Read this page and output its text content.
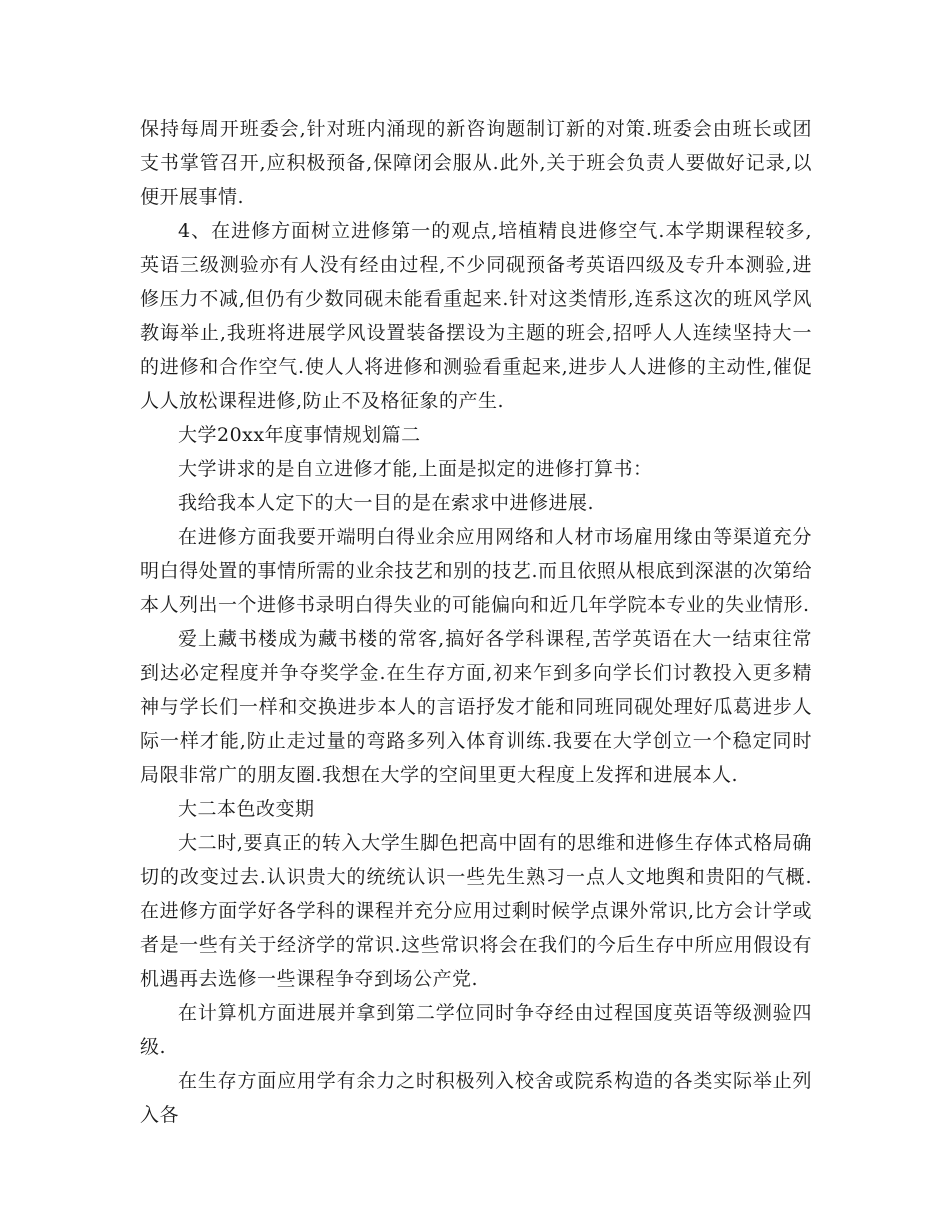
保持每周开班委会,针对班内涌现的新咨询题制订新的对策.班委会由班长或团支书掌管召开,应积极预备,保障闭会服从.此外,关于班会负责人要做好记录,以便开展事情.

4、在进修方面树立进修第一的观点,培植精良进修空气.本学期课程较多,英语三级测验亦有人没有经由过程,不少同砚预备考英语四级及专升本测验,进修压力不减,但仍有少数同砚未能看重起来.针对这类情形,连系这次的班风学风教诲举止,我班将进展学风设置装备摆设为主题的班会,招呼人人连续坚持大一的进修和合作空气.使人人将进修和测验看重起来,进步人人进修的主动性,催促人人放松课程进修,防止不及格征象的产生.

大学20xx年度事情规划篇二

大学讲求的是自立进修才能,上面是拟定的进修打算书：

我给我本人定下的大一目的是在索求中进修进展.

在进修方面我要开端明白得业余应用网络和人材市场雇用缘由等渠道充分明白得处置的事情所需的业余技艺和别的技艺.而且依照从根底到深湛的次第给本人列出一个进修书录明白得失业的可能偏向和近几年学院本专业的失业情形.

爱上藏书楼成为藏书楼的常客,搞好各学科课程,苦学英语在大一结束往常到达必定程度并争夺奖学金.在生存方面,初来乍到多向学长们讨教投入更多精神与学长们一样和交换进步本人的言语抒发才能和同班同砚处理好瓜葛进步人际一样才能,防止走过量的弯路多列入体育训练.我要在大学创立一个稳定同时局限非常广的朋友圈.我想在大学的空间里更大程度上发挥和进展本人.

大二本色改变期

大二时,要真正的转入大学生脚色把高中固有的思维和进修生存体式格局确切的改变过去.认识贵大的统统认识一些先生熟习一点人文地舆和贵阳的气概.在进修方面学好各学科的课程并充分应用过剩时候学点课外常识,比方会计学或者是一些有关于经济学的常识.这些常识将会在我们的今后生存中所应用假设有机遇再去选修一些课程争夺到场公产党.

在计算机方面进展并拿到第二学位同时争夺经由过程国度英语等级测验四级.

在生存方面应用学有余力之时积极列入校舍或院系构造的各类实际举止列入各
